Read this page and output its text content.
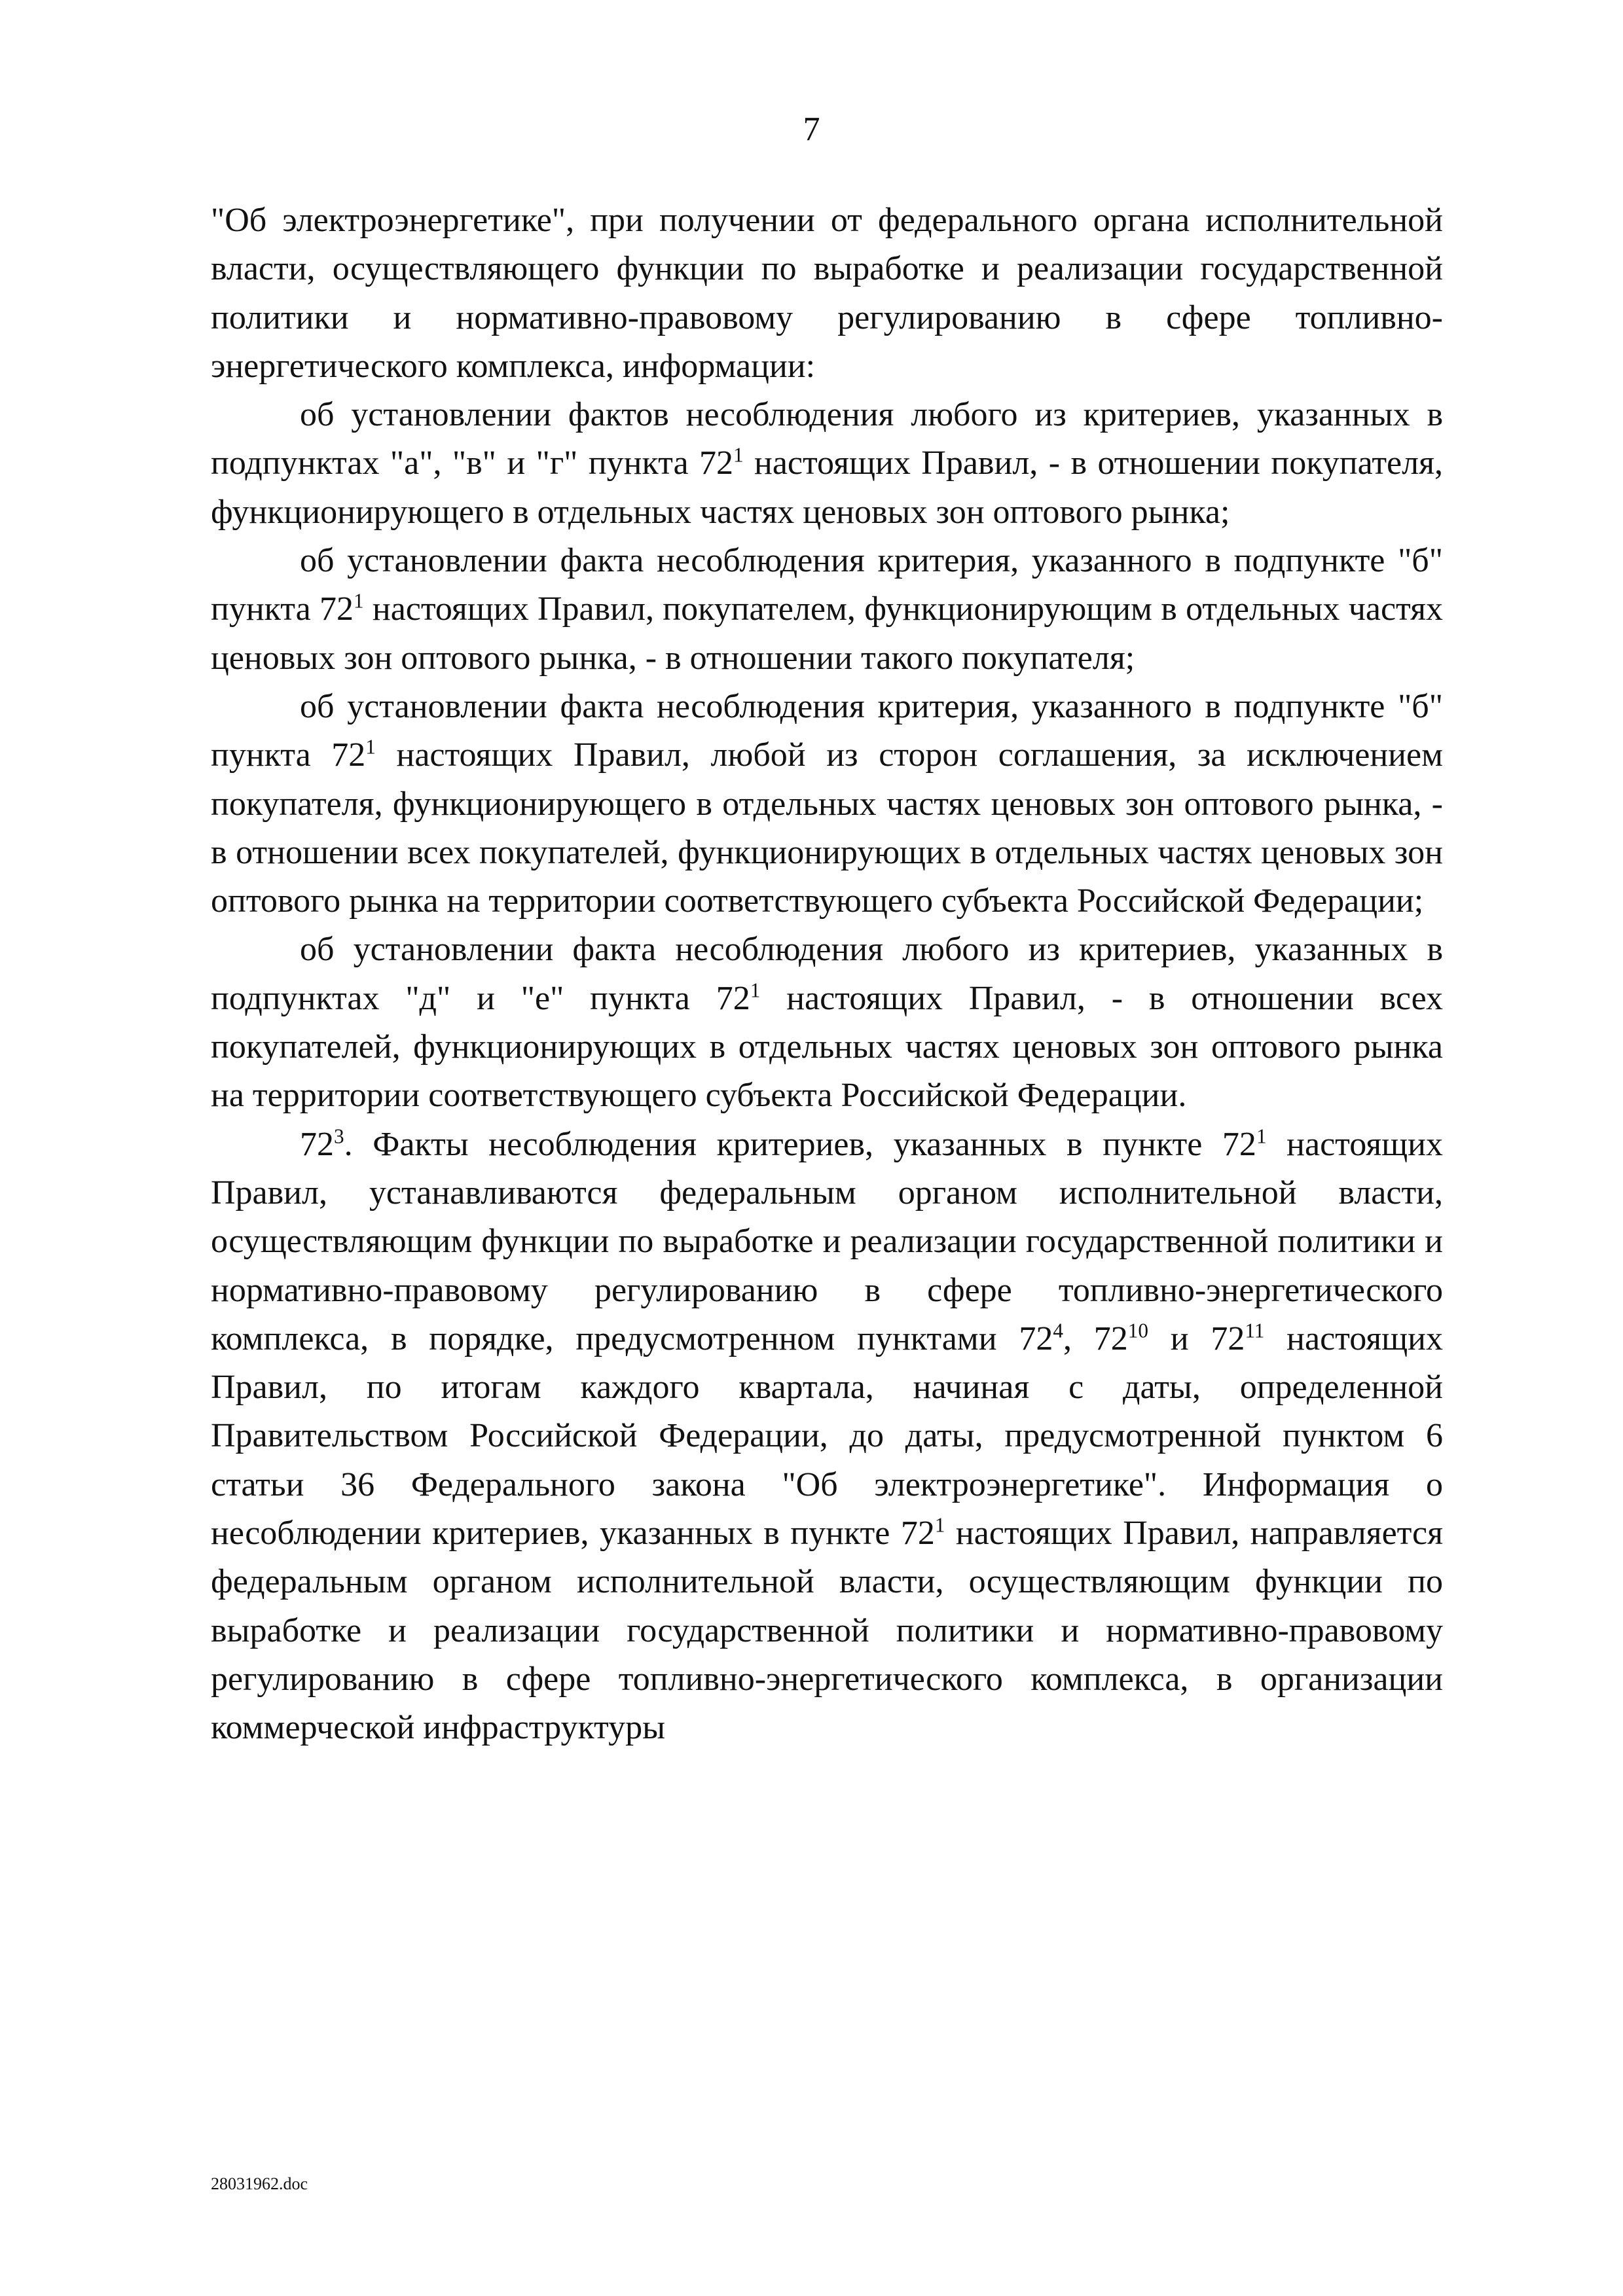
7

"Об электроэнергетике", при получении от федерального органа исполнительной власти, осуществляющего функции по выработке и реализации государственной политики и нормативно-правовому регулированию в сфере топливно-энергетического комплекса, информации:

об установлении фактов несоблюдения любого из критериев, указанных в подпунктах "а", "в" и "г" пункта $72^1$ настоящих Правил, - в отношении покупателя, функционирующего в отдельных частях ценовых зон оптового рынка;

об установлении факта несоблюдения критерия, указанного в подпункте "б" пункта $72^1$ настоящих Правил, покупателем, функционирующим в отдельных частях ценовых зон оптового рынка, - в отношении такого покупателя;

об установлении факта несоблюдения критерия, указанного в подпункте "б" пункта $72^1$ настоящих Правил, любой из сторон соглашения, за исключением покупателя, функционирующего в отдельных частях ценовых зон оптового рынка, - в отношении всех покупателей, функционирующих в отдельных частях ценовых зон оптового рынка на территории соответствующего субъекта Российской Федерации;

об установлении факта несоблюдения любого из критериев, указанных в подпунктах "д" и "е" пункта $72^1$ настоящих Правил, - в отношении всех покупателей, функционирующих в отдельных частях ценовых зон оптового рынка на территории соответствующего субъекта Российской Федерации.

$72^3$. Факты несоблюдения критериев, указанных в пункте $72^1$ настоящих Правил, устанавливаются федеральным органом исполнительной власти, осуществляющим функции по выработке и реализации государственной политики и нормативно-правовому регулированию в сфере топливно-энергетического комплекса, в порядке, предусмотренном пунктами $72^4$, $72^{10}$ и $72^{11}$ настоящих Правил, по итогам каждого квартала, начиная с даты, определенной Правительством Российской Федерации, до даты, предусмотренной пунктом 6 статьи 36 Федерального закона "Об электроэнергетике". Информация о несоблюдении критериев, указанных в пункте $72^1$ настоящих Правил, направляется федеральным органом исполнительной власти, осуществляющим функции по выработке и реализации государственной политики и нормативно-правовому регулированию в сфере топливно-энергетического комплекса, в организации коммерческой инфраструктуры

28031962.doc
